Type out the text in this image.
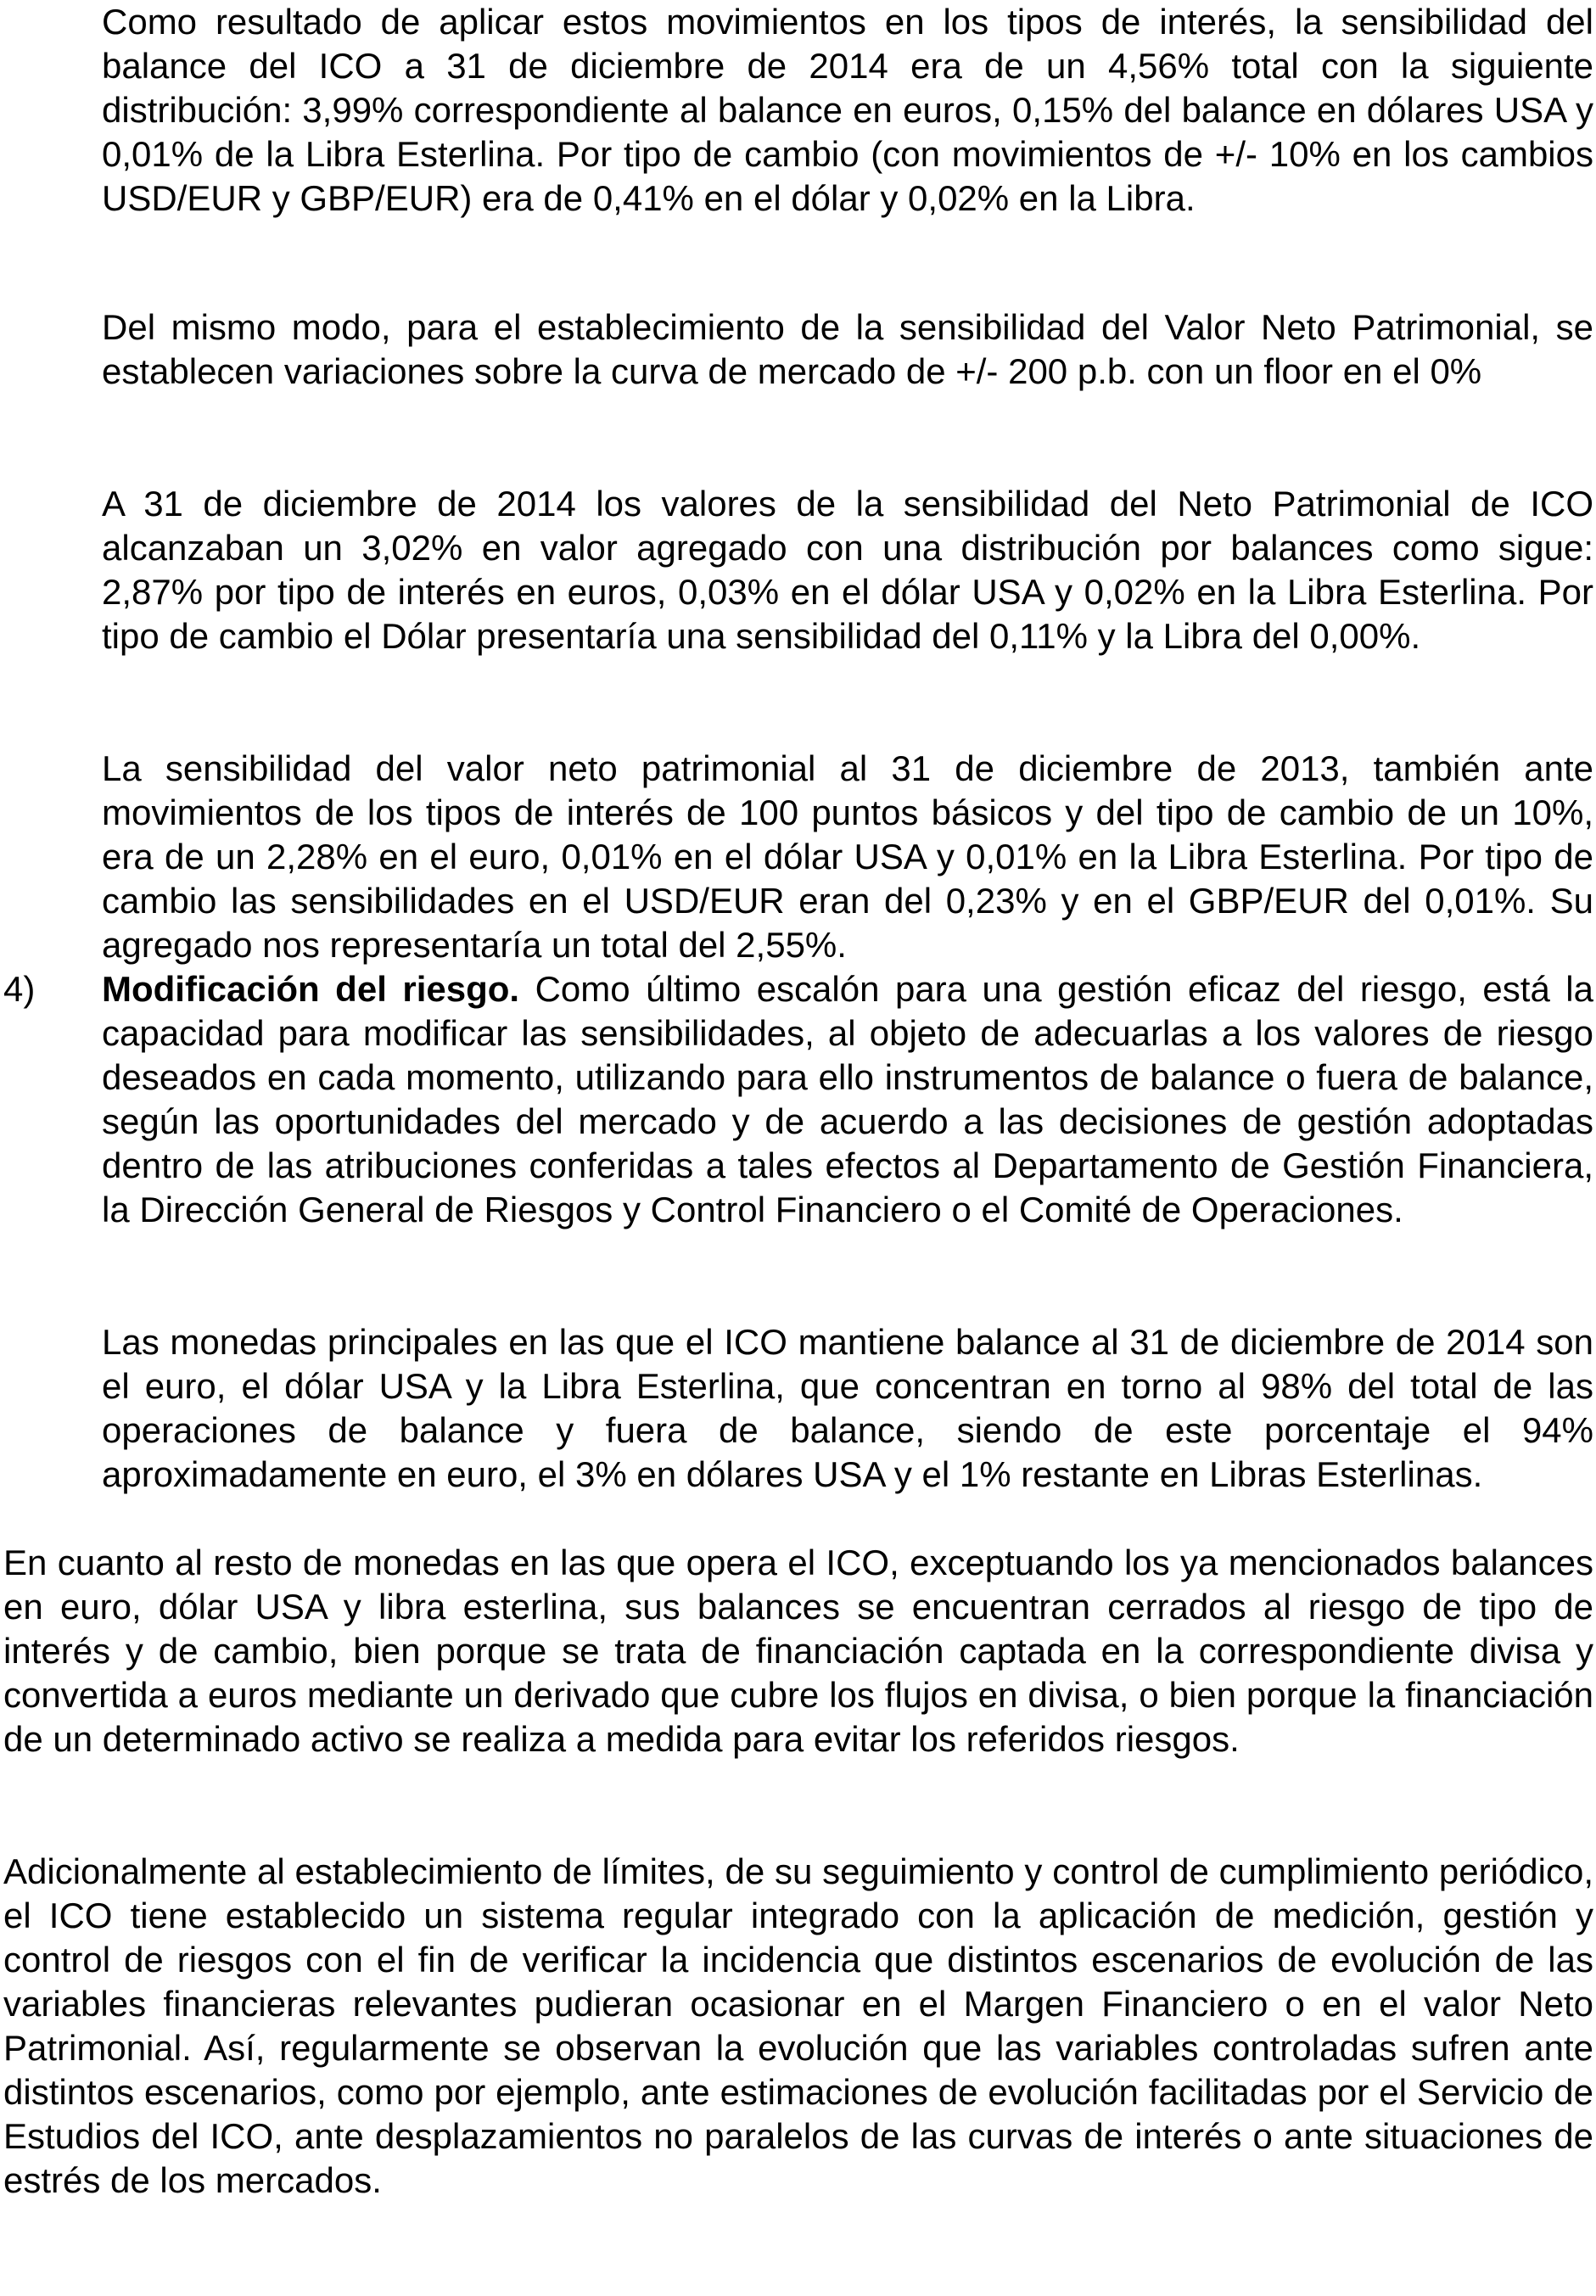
Como resultado de aplicar estos movimientos en los tipos de interés, la sensibilidad del balance del ICO a 31 de diciembre de 2014 era de un 4,56% total con la siguiente distribución: 3,99% correspondiente al balance en euros, 0,15% del balance en dólares USA y 0,01% de la Libra Esterlina. Por tipo de cambio (con movimientos de +/- 10% en los cambios USD/EUR y GBP/EUR) era de 0,41% en el dólar y 0,02% en la Libra.

Del mismo modo, para el establecimiento de la sensibilidad del Valor Neto Patrimonial, se establecen variaciones sobre la curva de mercado de +/- 200 p.b. con un floor en el 0%

A 31 de diciembre de 2014 los valores de la sensibilidad del Neto Patrimonial de ICO alcanzaban un 3,02% en valor agregado con una distribución por balances como sigue: 2,87% por tipo de interés en euros, 0,03% en el dólar USA y 0,02% en la Libra Esterlina. Por tipo de cambio el Dólar presentaría una sensibilidad del 0,11% y la Libra del 0,00%.

La sensibilidad del valor neto patrimonial al 31 de diciembre de 2013, también ante movimientos de los tipos de interés de 100 puntos básicos y del tipo de cambio de un 10%, era de un 2,28% en el euro, 0,01% en el dólar USA y 0,01% en la Libra Esterlina. Por tipo de cambio las sensibilidades en el USD/EUR eran del 0,23% y en el GBP/EUR del 0,01%. Su agregado nos representaría un total del 2,55%.

4) Modificación del riesgo. Como último escalón para una gestión eficaz del riesgo, está la capacidad para modificar las sensibilidades, al objeto de adecuarlas a los valores de riesgo deseados en cada momento, utilizando para ello instrumentos de balance o fuera de balance, según las oportunidades del mercado y de acuerdo a las decisiones de gestión adoptadas dentro de las atribuciones conferidas a tales efectos al Departamento de Gestión Financiera, la Dirección General de Riesgos y Control Financiero o el Comité de Operaciones.

Las monedas principales en las que el ICO mantiene balance al 31 de diciembre de 2014 son el euro, el dólar USA y la Libra Esterlina, que concentran en torno al 98% del total de las operaciones de balance y fuera de balance, siendo de este porcentaje el 94% aproximadamente en euro, el 3% en dólares USA y el 1% restante en Libras Esterlinas.

En cuanto al resto de monedas en las que opera el ICO, exceptuando los ya mencionados balances en euro, dólar USA y libra esterlina, sus balances se encuentran cerrados al riesgo de tipo de interés y de cambio, bien porque se trata de financiación captada en la correspondiente divisa y convertida a euros mediante un derivado que cubre los flujos en divisa, o bien porque la financiación de un determinado activo se realiza a medida para evitar los referidos riesgos.

Adicionalmente al establecimiento de límites, de su seguimiento y control de cumplimiento periódico, el ICO tiene establecido un sistema regular integrado con la aplicación de medición, gestión y control de riesgos con el fin de verificar la incidencia que distintos escenarios de evolución de las variables financieras relevantes pudieran ocasionar en el Margen Financiero o en el valor Neto Patrimonial. Así, regularmente se observan la evolución que las variables controladas sufren ante distintos escenarios, como por ejemplo, ante estimaciones de evolución facilitadas por el Servicio de Estudios del ICO, ante desplazamientos no paralelos de las curvas de interés o ante situaciones de estrés de los mercados.
